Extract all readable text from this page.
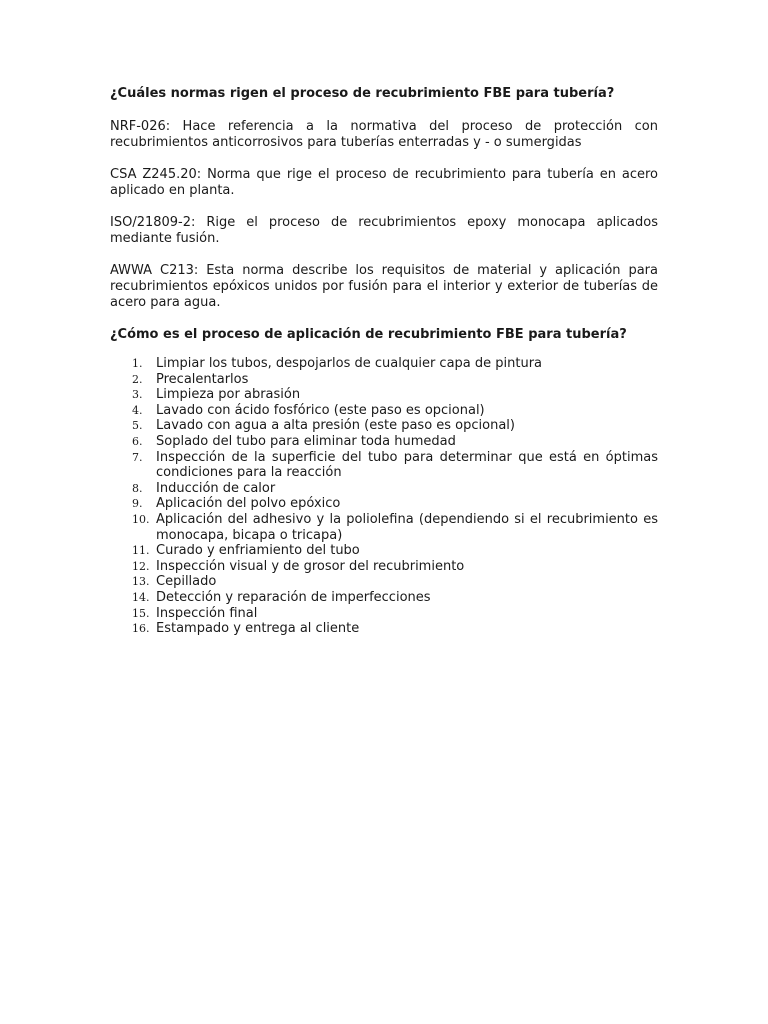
¿Cuáles normas rigen el proceso de recubrimiento FBE para tubería?

NRF-026: Hace referencia a la normativa del proceso de protección con recubrimientos anticorrosivos para tuberías enterradas y - o sumergidas

CSA Z245.20: Norma que rige el proceso de recubrimiento para tubería en acero aplicado en planta.

ISO/21809-2: Rige el proceso de recubrimientos epoxy monocapa aplicados mediante fusión.

AWWA C213: Esta norma describe los requisitos de material y aplicación para recubrimientos epóxicos unidos por fusión para el interior y exterior de tuberías de acero para agua.

¿Cómo es el proceso de aplicación de recubrimiento FBE para tubería?

1.	Limpiar los tubos, despojarlos de cualquier capa de pintura
2.	Precalentarlos
3.	Limpieza por abrasión
4.	Lavado con ácido fosfórico (este paso es opcional)
5.	Lavado con agua a alta presión (este paso es opcional)
6.	Soplado del tubo para eliminar toda humedad
7.	Inspección de la superficie del tubo para determinar que está en óptimas condiciones para la reacción
8.	Inducción de calor
9.	Aplicación del polvo epóxico
10. Aplicación del adhesivo y la poliolefina (dependiendo si el recubrimiento es monocapa, bicapa o tricapa)
11. Curado y enfriamiento del tubo
12. Inspección visual y de grosor del recubrimiento
13. Cepillado
14. Detección y reparación de imperfecciones
15. Inspección final
16. Estampado y entrega al cliente
